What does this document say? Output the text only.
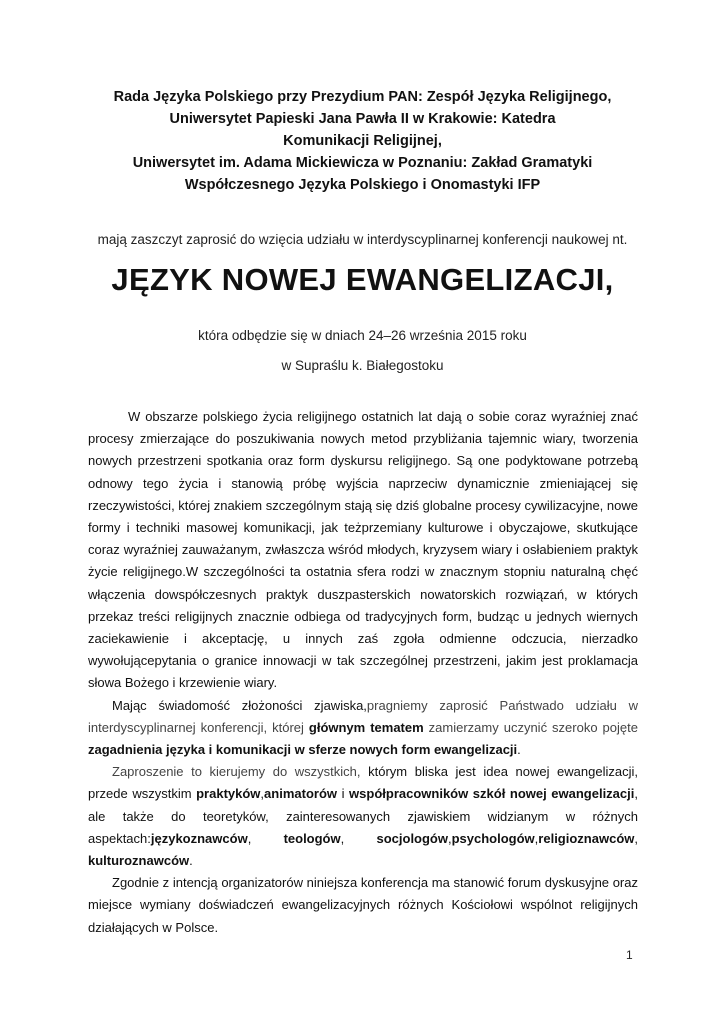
Rada Języka Polskiego przy Prezydium PAN: Zespół Języka Religijnego,
Uniwersytet Papieski Jana Pawła II w Krakowie: Katedra
Komunikacji Religijnej,
Uniwersytet im. Adama Mickiewicza w Poznaniu: Zakład Gramatyki
Współczesnego Języka Polskiego i Onomastyki IFP
mają zaszczyt zaprosić do wzięcia udziału w interdyscyplinarnej konferencji naukowej nt.
JĘZYK NOWEJ EWANGELIZACJI,
która odbędzie się w dniach 24–26 września 2015 roku
w Supraślu k. Białegostoku

W obszarze polskiego życia religijnego ostatnich lat dają o sobie coraz wyraźniej znać procesy zmierzające do poszukiwania nowych metod przybliżania tajemnic wiary, tworzenia nowych przestrzeni spotkania oraz form dyskursu religijnego. Są one podyktowane potrzebą odnowy tego życia i stanowią próbę wyjścia naprzeciw dynamicznie zmieniającej się rzeczywistości, której znakiem szczególnym stają się dziś globalne procesy cywilizacyjne, nowe formy i techniki masowej komunikacji, jak teżprzemiany kulturowe i obyczajowe, skutkujące coraz wyraźniej zauważanym, zwłaszcza wśród młodych, kryzysem wiary i osłabieniem praktyk życie religijnego.W szczególności ta ostatnia sfera rodzi w znacznym stopniu naturalną chęć włączenia dowspółczesnych praktyk duszpasterskich nowatorskich rozwiązań, w których przekaz treści religijnych znacznie odbiega od tradycyjnych form, budząc u jednych wiernych zaciekawienie i akceptację, u innych zaś zgoła odmienne odczucia, nierzadko wywołującepytania o granice innowacji w tak szczególnej przestrzeni, jakim jest proklamacja słowa Bożego i krzewienie wiary.

Mając świadomość złożoności zjawiska,pragniemy zaprosić Państwado udziału w interdyscyplinarnej konferencji, której głównym tematem zamierzamy uczynić szeroko pojęte zagadnienia języka i komunikacji w sferze nowych form ewangelizacji.

Zaproszenie to kierujemy do wszystkich, którym bliska jest idea nowej ewangelizacji, przede wszystkim praktyków,animatorów i współpracowników szkół nowej ewangelizacji, ale także do teoretyków, zainteresowanych zjawiskiem widzianym w różnych aspektach:językoznawców, teologów, socjologów,psychologów,religioznawców, kulturoznawców.

Zgodnie z intencją organizatorów niniejsza konferencja ma stanowić forum dyskusyjne oraz miejsce wymiany doświadczeń ewangelizacyjnych różnych Kościołowi wspólnot religijnych działających w Polsce.

1
